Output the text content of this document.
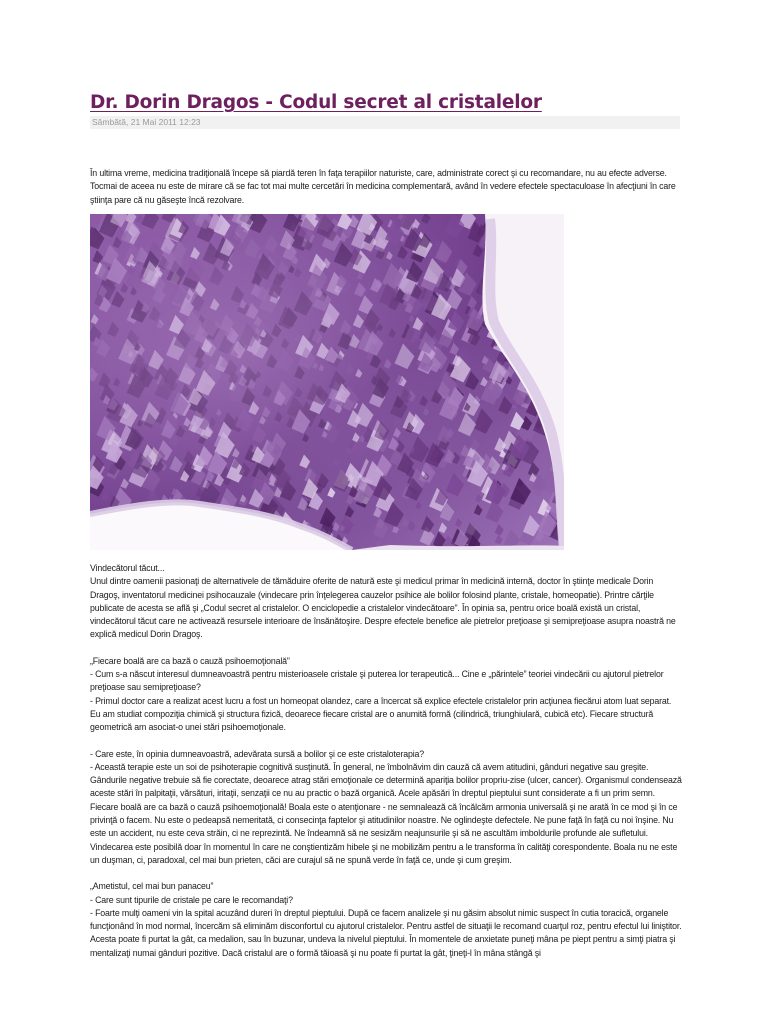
Dr. Dorin Dragos - Codul secret al cristalelor
Sâmbătă, 21 Mai 2011 12:23

În ultima vreme, medicina tradiţională începe să piardă teren în faţa terapiilor naturiste, care, administrate corect şi cu recomandare, nu au efecte adverse. Tocmai de aceea nu este de mirare că se fac tot mai multe cercetări în medicina complementară, având în vedere efectele spectaculoase în afecţiuni în care ştiinţa pare că nu găseşte încă rezolvare.

Vindecătorul tăcut...

Unul dintre oamenii pasionaţi de alternativele de tămăduire oferite de natură este şi medicul primar în medicină internă, doctor în ştiinţe medicale Dorin Dragoş, inventatorul medicinei psihocauzale (vindecare prin înţelegerea cauzelor psihice ale bolilor folosind plante, cristale, homeopatie). Printre cărţile publicate de acesta se află şi „Codul secret al cristalelor. O enciclopedie a cristalelor vindecătoare”. În opinia sa, pentru orice boală există un cristal, vindecătorul tăcut care ne activează resursele interioare de însănătoşire. Despre efectele benefice ale pietrelor preţioase şi semipreţioase asupra noastră ne explică medicul Dorin Dragoş.

„Fiecare boală are ca bază o cauză psihoemoţională”

- Cum s-a născut interesul dumneavoastră pentru misterioasele cristale şi puterea lor terapeutică... Cine e „părintele” teoriei vindecării cu ajutorul pietrelor preţioase sau semipreţioase?
- Primul doctor care a realizat acest lucru a fost un homeopat olandez, care a încercat să explice efectele cristalelor prin acţiunea fiecărui atom luat separat. Eu am studiat compoziţia chimică şi structura fizică, deoarece fiecare cristal are o anumită formă (cilindrică, triunghiulară, cubică etc). Fiecare structură geometrică am asociat-o unei stări psihoemoţionale.

- Care este, în opinia dumneavoastră, adevărata sursă a bolilor şi ce este cristaloterapia?
- Această terapie este un soi de psihoterapie cognitivă susţinută. În general, ne îmbolnăvim din cauză că avem atitudini, gânduri negative sau greşite. Gândurile negative trebuie să fie corectate, deoarece atrag stări emoţionale ce determină apariţia bolilor propriu-zise (ulcer, cancer). Organismul condensează aceste stări în palpitaţii, vărsături, iritaţii, senzaţii ce nu au practic o bază organică. Acele apăsări în dreptul pieptului sunt considerate a fi un prim semn. Fiecare boală are ca bază o cauză psihoemoţională! Boala este o atenţionare - ne semnalează că încălcăm armonia universală şi ne arată în ce mod şi în ce privinţă o facem. Nu este o pedeapsă nemeritată, ci consecinţa faptelor şi atitudinilor noastre. Ne oglindeşte defectele. Ne pune faţă în faţă cu noi înşine. Nu este un accident, nu este ceva străin, ci ne reprezintă. Ne îndeamnă să ne sesizăm neajunsurile şi să ne ascultăm imboldurile profunde ale sufletului. Vindecarea este posibilă doar în momentul în care ne conştientizăm hibele şi ne mobilizăm pentru a le transforma în calităţi corespondente. Boala nu ne este un duşman, ci, paradoxal, cel mai bun prieten, căci are curajul să ne spună verde în faţă ce, unde şi cum greşim.

„Ametistul, cel mai bun panaceu”

- Care sunt tipurile de cristale pe care le recomandaţi?
- Foarte mulţi oameni vin la spital acuzând dureri în dreptul pieptului. După ce facem analizele şi nu găsim absolut nimic suspect în cutia toracică, organele funcţionând în mod normal, încercăm să eliminăm disconfortul cu ajutorul cristalelor. Pentru astfel de situaţii le recomand cuarţul roz, pentru efectul lui liniştitor. Acesta poate fi purtat la gât, ca medalion, sau în buzunar, undeva la nivelul pieptului. În momentele de anxietate puneţi mâna pe piept pentru a simţi piatra şi mentalizaţi numai gânduri pozitive. Dacă cristalul are o formă tăioasă şi nu poate fi purtat la gât, ţineţi-l în mâna stângă şi
